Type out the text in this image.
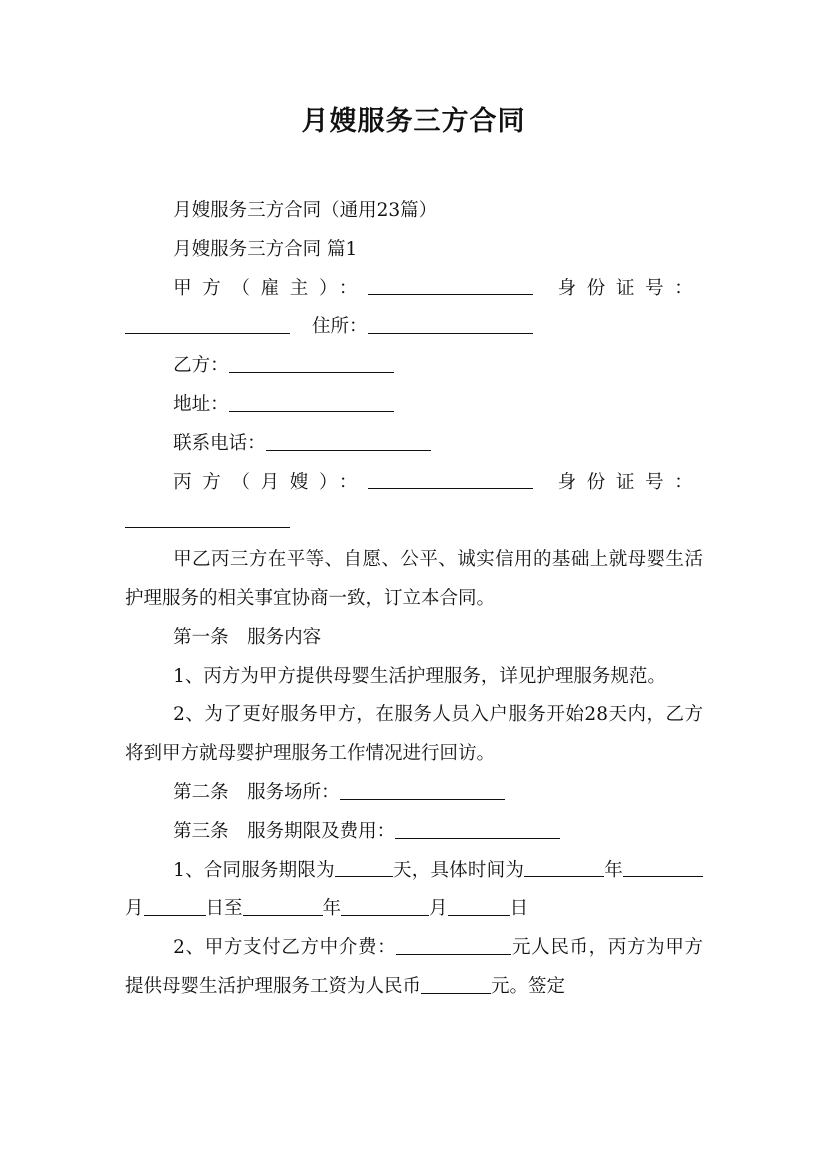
月嫂服务三方合同

月嫂服务三方合同（通用23篇）

月嫂服务三方合同 篇1

甲方（雇主）：	身份证号：

住所：

乙方：

地址：

联系电话：

丙方（月嫂）：	身份证号：

甲乙丙三方在平等、自愿、公平、诚实信用的基础上就母婴生活护理服务的相关事宜协商一致，订立本合同。

第一条　服务内容

1、丙方为甲方提供母婴生活护理服务，详见护理服务规范。

2、为了更好服务甲方，在服务人员入户服务开始28天内，乙方将到甲方就母婴护理服务工作情况进行回访。

第二条　服务场所：

第三条　服务期限及费用：

1、合同服务期限为	天，具体时间为	年月	日至	年	月	日

2、甲方支付乙方中介费：	元人民币，丙方为甲方提供母婴生活护理服务工资为人民币	元。签定
